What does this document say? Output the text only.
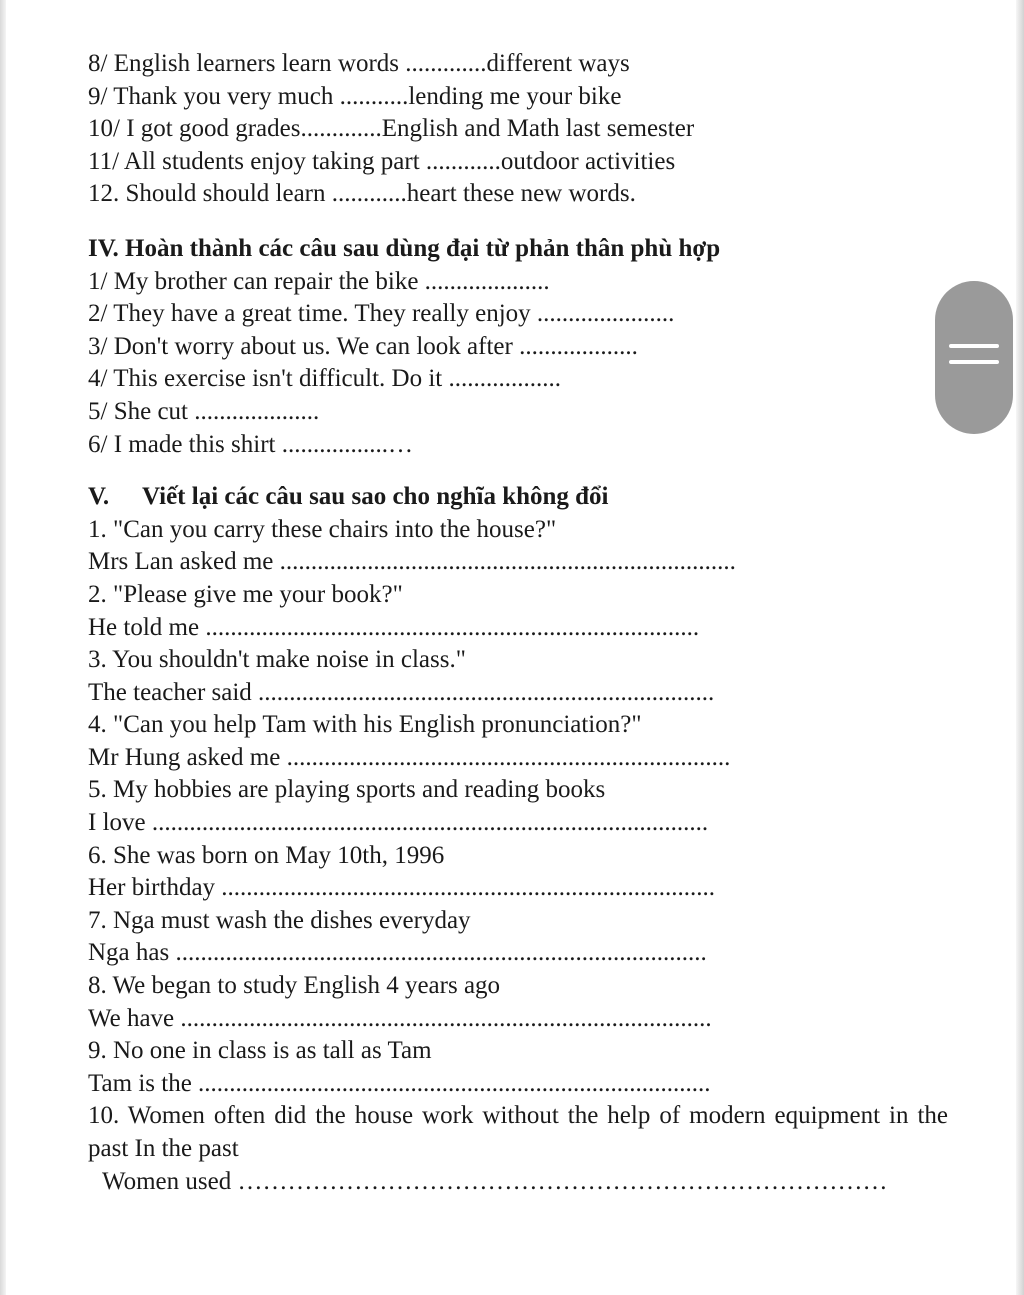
8/ English learners learn words .............different ways
9/ Thank you very much ...........lending me your bike
10/ I got good grades.............English and Math last semester
11/ All students enjoy taking part ............outdoor activities
12. Should should learn ............heart these new words.
IV. Hoàn thành các câu sau dùng đại từ phản thân phù hợp
1/ My brother can repair the bike ....................
2/ They have a great time. They really enjoy ......................
3/ Don't worry about us. We can look after ...................
4/ This exercise isn't difficult. Do it ..................
5/ She cut ....................
6/ I made this shirt .................…
V. Viết lại các câu sau sao cho nghĩa không đổi
1. "Can you carry these chairs into the house?"
Mrs Lan asked me .........................................................................
2. "Please give me your book?"
He told me ...............................................................................
3. You shouldn't make noise in class."
The teacher said .........................................................................
4. "Can you help Tam with his English pronunciation?"
Mr Hung asked me .......................................................................
5. My hobbies are playing sports and reading books
I love .........................................................................................
6. She was born on May 10th, 1996
Her birthday ...............................................................................
7. Nga must wash the dishes everyday
Nga has .....................................................................................
8. We began to study English 4 years ago
We have .....................................................................................
9. No one in class is as tall as Tam
Tam is the ..................................................................................
10. Women often did the house work without the help of modern equipment in the past In the past
Women used ……………………………………………………………………
